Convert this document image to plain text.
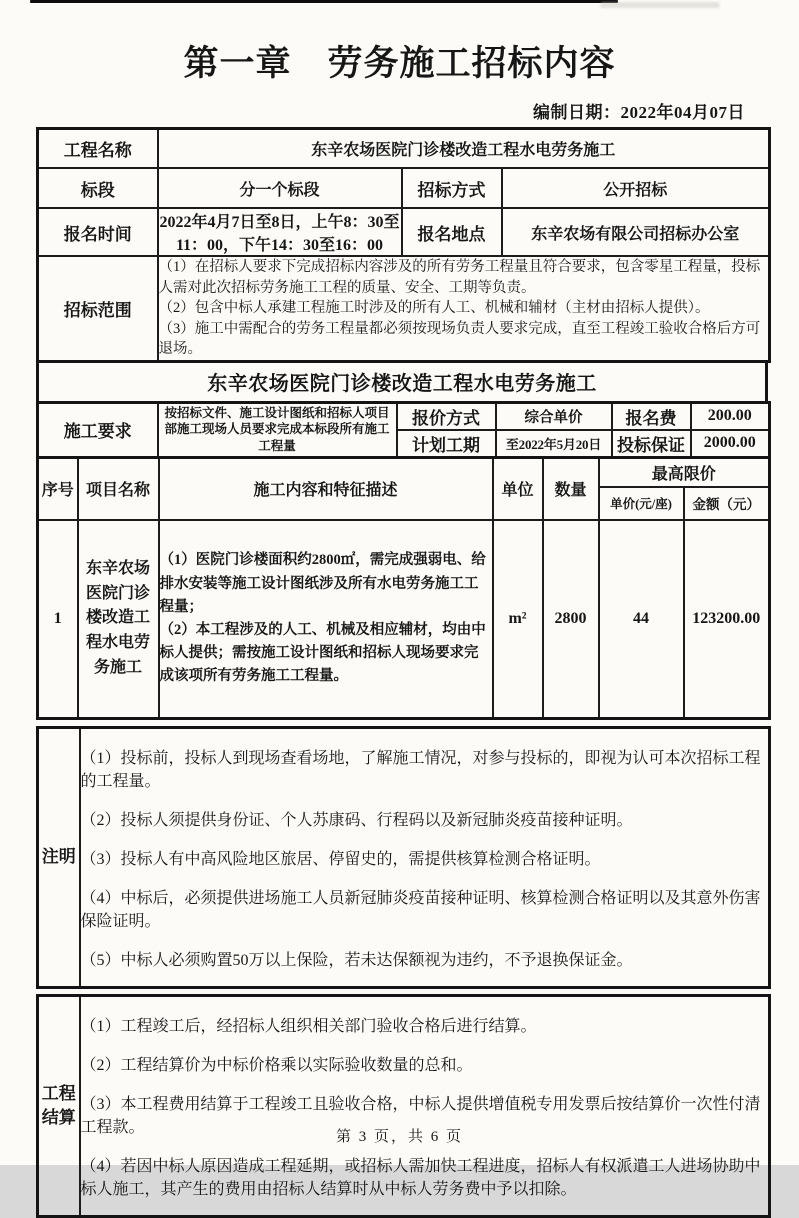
第一章　劳务施工招标内容
编制日期：2022年04月07日
工程名称	东辛农场医院门诊楼改造工程水电劳务施工		
标段	分一个标段	招标方式	公开招标
报名时间	2022年4月7日至8日，上午8：30至11：00，下午14：30至16：00	报名地点	东辛农场有限公司招标办公室
招标范围	（1）在招标人要求下完成招标内容涉及的所有劳务工程量且符合要求，包含零星工程量，投标人需对此次招标劳务施工工程的质量、安全、工期等负责。

（2）包含中标人承建工程施工时涉及的所有人工、机械和辅材（主材由招标人提供）。

（3）施工中需配合的劳务工程量都必须按现场负责人要求完成，直至工程竣工验收合格后方可退场。		

东辛农场医院门诊楼改造工程水电劳务施工
施工要求	按招标文件、施工设计图纸和招标人项目部施工现场人员要求完成本标段所有施工工程量	报价方式	综合单价	报名费	200.00
		计划工期	至2022年5月20日	投标保证	2000.00
序号	项目名称	施工内容和特征描述	单位	数量	最高限价	
					单价(元/座)	金额（元）
1	东辛农场医院门诊楼改造工程水电劳务施工	（1）医院门诊楼面积约2800㎡，需完成强弱电、给排水安装等施工设计图纸涉及所有水电劳务施工工程量；

（2）本工程涉及的人工、机械及相应辅材，均由中标人提供；需按施工设计图纸和招标人现场要求完成该项所有劳务施工工程量。	m²	2800	44	123200.00
注明	

（1）投标前，投标人到现场查看场地，了解施工情况，对参与投标的，即视为认可本次招标工程的工程量。

（2）投标人须提供身份证、个人苏康码、行程码以及新冠肺炎疫苗接种证明。

（3）投标人有中高风险地区旅居、停留史的，需提供核算检测合格证明。

（4）中标后，必须提供进场施工人员新冠肺炎疫苗接种证明、核算检测合格证明以及其意外伤害保险证明。

（5）中标人必须购置50万以上保险，若未达保额视为违约，不予退换保证金。

工程结算	

（1）工程竣工后，经招标人组织相关部门验收合格后进行结算。

（2）工程结算价为中标价格乘以实际验收数量的总和。

（3）本工程费用结算于工程竣工且验收合格，中标人提供增值税专用发票后按结算价一次性付清工程款。

（4）若因中标人原因造成工程延期，或招标人需加快工程进度，招标人有权派遣工人进场协助中标人施工，其产生的费用由招标人结算时从中标人劳务费中予以扣除。

第 3 页，共 6 页
